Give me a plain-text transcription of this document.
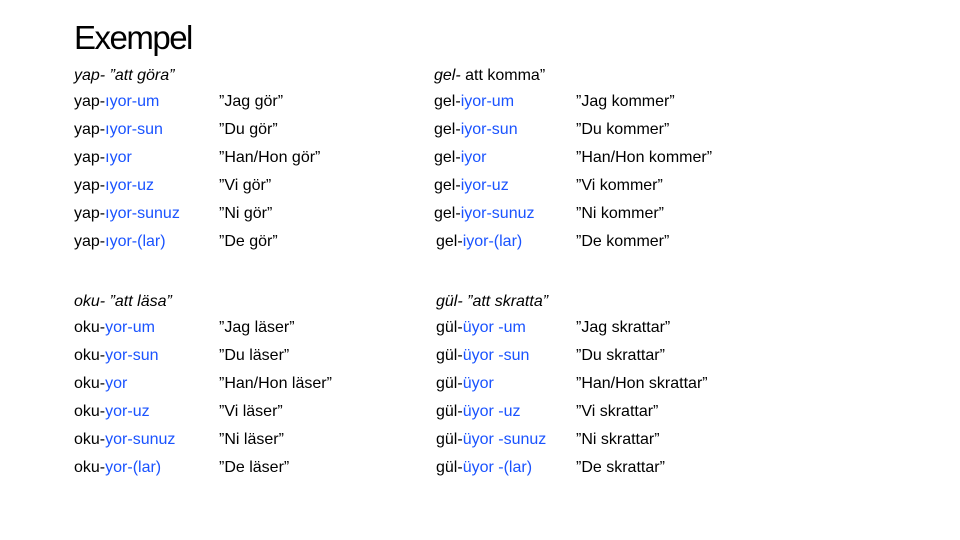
Exempel
yap- ”att göra”
yap-ıyor-um	”Jag gör”
yap-ıyor-sun	”Du gör”
yap-ıyor	”Han/Hon gör”
yap-ıyor-uz	”Vi gör”
yap-ıyor-sunuz ”Ni gör”
yap-ıyor-(lar)	”De gör”
gel- att komma”
gel-iyor-um	”Jag kommer”
gel-iyor-sun	”Du kommer”
gel-iyor	”Han/Hon kommer”
gel-iyor-uz	”Vi kommer”
gel-iyor-sunuz	”Ni kommer”
gel-iyor-(lar)	”De kommer”
oku- ”att läsa”
oku-yor-um	”Jag läser”
oku-yor-sun	”Du läser”
oku-yor	”Han/Hon läser”
oku-yor-uz	”Vi läser”
oku-yor-sunuz	”Ni läser”
oku-yor-(lar)	”De läser”
gül- ”att skratta”
gül-üyor -um	”Jag skrattar”
gül-üyor -sun	”Du skrattar”
gül-üyor	”Han/Hon skrattar”
gül-üyor -uz	”Vi skrattar”
gül-üyor -sunuz ”Ni skrattar”
gül-üyor -(lar)	”De skrattar”
